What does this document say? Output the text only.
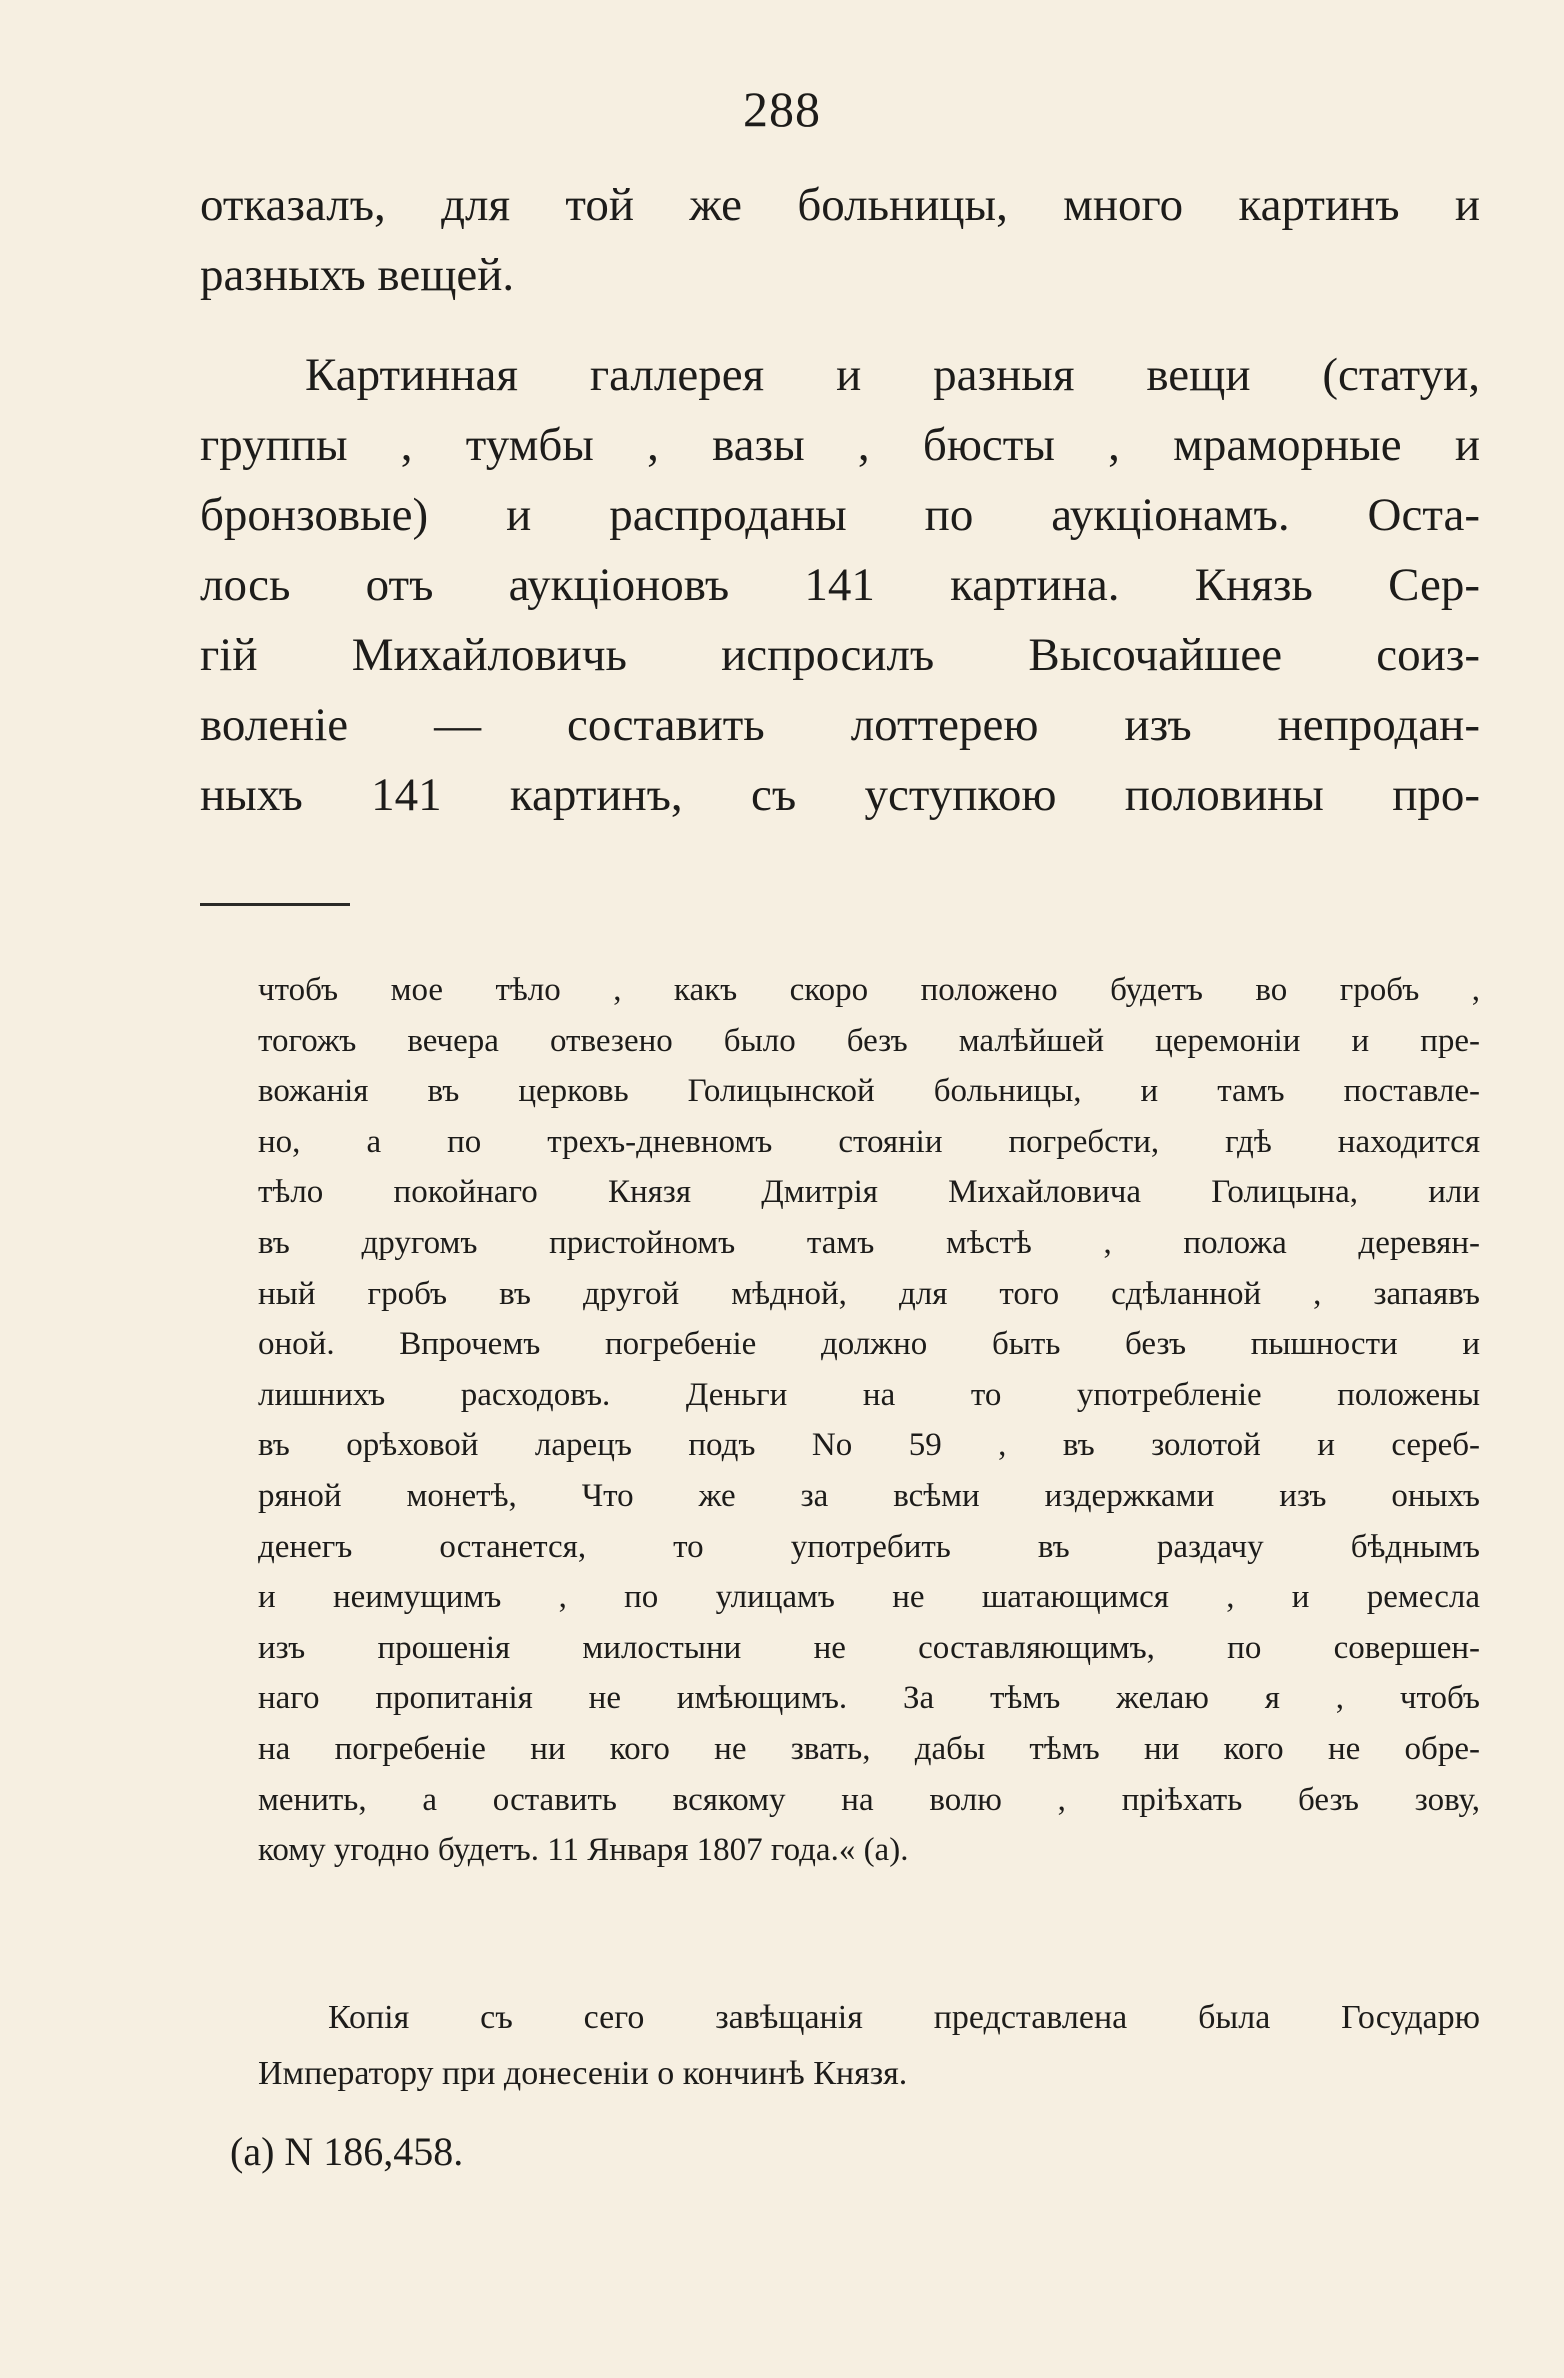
288
отказалъ, для той же больницы, много картинъ и
разныхъ вещей.
Картинная галлерея и разныя вещи (статуи,
группы , тумбы , вазы , бюсты , мраморные и
бронзовые) и распроданы по аукціонамъ. Оста-
лось отъ аукціоновъ 141 картина. Князь Сер-
гій Михайловичь испросилъ Высочайшее соиз-
воленіе — составить лоттерею изъ непродан-
ныхъ 141 картинъ, съ уступкою половины про-
чтобъ мое тѣло , какъ скоро положено будетъ во гробъ ,
тогожъ вечера отвезено было безъ малѣйшей церемоніи и пре-
вожанія въ церковь Голицынской больницы, и тамъ поставле-
но, а по трехъ-дневномъ стояніи погребсти, гдѣ находится
тѣло покойнаго Князя Дмитрія Михайловича Голицына, или
въ другомъ пристойномъ тамъ мѣстѣ , положа деревян-
ный гробъ въ другой мѣдной, для того сдѣланной , запаявъ
оной. Впрочемъ погребеніе должно быть безъ пышности и
лишнихъ расходовъ. Деньги на то употребленіе положены
въ орѣховой ларецъ подъ No 59 , въ золотой и сереб-
ряной монетѣ, Что же за всѣми издержками изъ оныхъ
денегъ останется, то употребить въ раздачу бѣднымъ
и неимущимъ , по улицамъ не шатающимся , и ремесла
изъ прошенія милостыни не составляющимъ, по совершен-
наго пропитанія не имѣющимъ. За тѣмъ желаю я , чтобъ
на погребеніе ни кого не звать, дабы тѣмъ ни кого не обре-
менить, а оставить всякому на волю , пріѣхать безъ зову,
кому угодно будетъ. 11 Января 1807 года.« (а).
Копія съ сего завѣщанія представлена была Государю
Императору при донесеніи о кончинѣ Князя.
(а) N 186,458.
